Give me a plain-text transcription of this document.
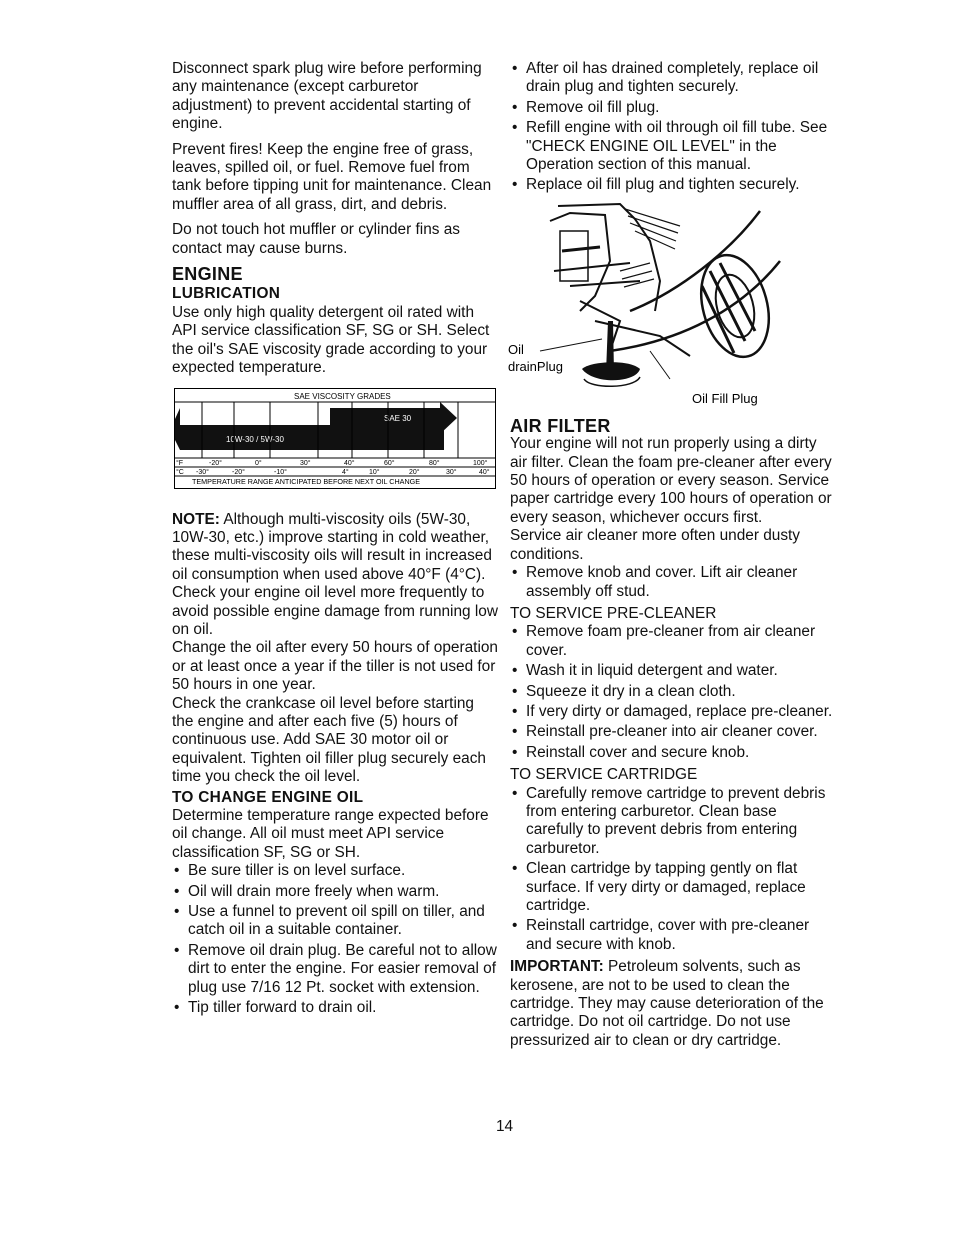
Disconnect spark plug wire before performing any maintenance (except carburetor adjustment) to prevent accidental starting of engine.

Prevent fires! Keep the engine free of grass, leaves, spilled oil, or fuel. Remove fuel from tank before tipping unit for maintenance. Clean muffler area of all grass, dirt, and debris.

Do not touch hot muffler or cylinder fins as contact may cause burns.

ENGINE
LUBRICATION

Use only high quality detergent oil rated with API service classification SF, SG or SH. Select the oil's SAE viscosity grade according to your expected temperature.

SAE VISCOSITY GRADES
10W-30 / 5W-30
SAE 30
°F	-20°	0°	30°	40°	60°	80°	100°
°C -30°	-20°	-10°	4°	10°	20°	30°	40°
TEMPERATURE RANGE ANTICIPATED BEFORE NEXT OIL CHANGE

NOTE: Although multi-viscosity oils (5W-30, 10W-30, etc.) improve starting in cold weather, these multi-viscosity oils will result in increased oil consumption when used above 40°F (4°C). Check your engine oil level more frequently to avoid possible engine damage from running low on oil.

Change the oil after every 50 hours of operation or at least once a year if the tiller is not used for 50 hours in one year.

Check the crankcase oil level before starting the engine and after each five (5) hours of continuous use. Add SAE 30 motor oil or equivalent. Tighten oil filler plug securely each time you check the oil level.

TO CHANGE ENGINE OIL

Determine temperature range expected before oil change. All oil must meet API service classification SF, SG or SH.

• Be sure tiller is on level surface.
• Oil will drain more freely when warm.
• Use a funnel to prevent oil spill on tiller, and catch oil in a suitable container.
• Remove oil drain plug. Be careful not to allow dirt to enter the engine. For easier removal of plug use 7/16 12 Pt. socket with extension.
• Tip tiller forward to drain oil.
• After oil has drained completely, replace oil drain plug and tighten securely.
• Remove oil fill plug.
• Refill engine with oil through oil fill tube. See "CHECK ENGINE OIL LEVEL" in the Operation section of this manual.
• Replace oil fill plug and tighten securely.
Oil
drainPlug
Oil Fill Plug
AIR FILTER

Your engine will not run properly using a dirty air filter. Clean the foam pre-cleaner after every 50 hours of operation or every season. Service paper cartridge every 100 hours of operation or every season, whichever occurs first.

Service air cleaner more often under dusty conditions.

• Remove knob and cover. Lift air cleaner assembly off stud.
TO SERVICE PRE-CLEANER
• Remove foam pre-cleaner from air cleaner cover.
• Wash it in liquid detergent and water.
• Squeeze it dry in a clean cloth.
• If very dirty or damaged, replace pre-cleaner.
• Reinstall pre-cleaner into air cleaner cover.
• Reinstall cover and secure knob.
TO SERVICE CARTRIDGE
• Carefully remove cartridge to prevent debris from entering carburetor. Clean base carefully to prevent debris from entering carburetor.
• Clean cartridge by tapping gently on flat surface. If very dirty or damaged, replace cartridge.
• Reinstall cartridge, cover with pre-cleaner and secure with knob.

IMPORTANT: Petroleum solvents, such as kerosene, are not to be used to clean the cartridge. They may cause deterioration of the cartridge. Do not oil cartridge. Do not use pressurized air to clean or dry cartridge.

14
